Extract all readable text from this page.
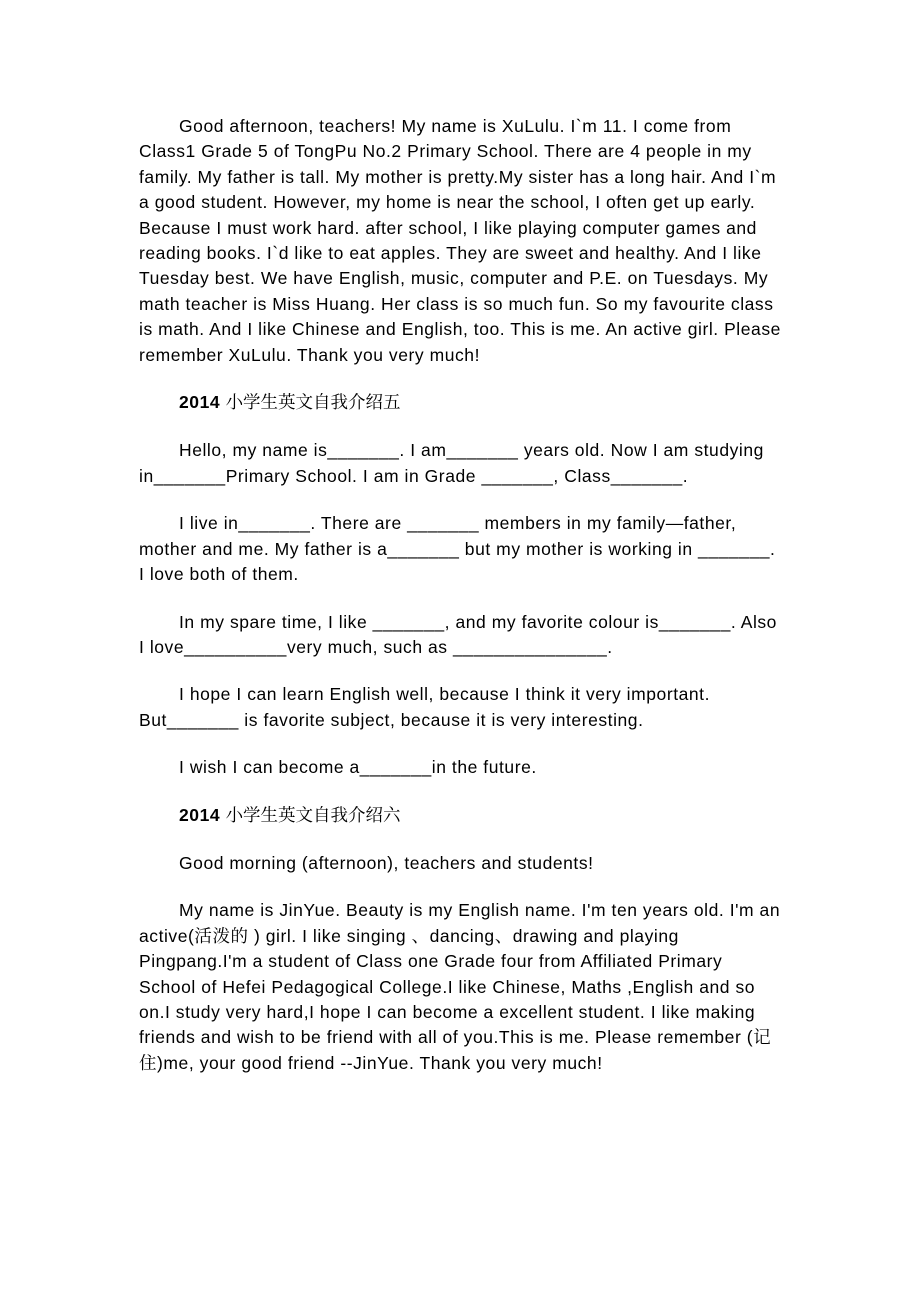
Good afternoon, teachers! My name is XuLulu. I`m 11. I come from Class1 Grade 5 of TongPu No.2 Primary School. There are 4 people in my family. My father is tall. My mother is pretty.My sister has a long hair. And I`m a good student. However, my home is near the school, I often get up early. Because I must work hard. after school, I like playing computer games and reading books. I`d like to eat apples. They are sweet and healthy. And I like Tuesday best. We have English, music, computer and P.E. on Tuesdays. My math teacher is Miss Huang. Her class is so much fun. So my favourite class is math. And I like Chinese and English, too. This is me. An active girl. Please remember XuLulu. Thank you very much!

2014 小学生英文自我介绍五

Hello, my name is_______. I am_______ years old. Now I am studying in_______Primary School. I am in Grade _______, Class_______.

I live in_______. There are _______ members in my family—father, mother and me. My father is a_______ but my mother is working in _______. I love both of them.

In my spare time, I like _______, and my favorite colour is_______. Also I love__________very much, such as _______________.

I hope I can learn English well, because I think it very important. But_______ is favorite subject, because it is very interesting.

I wish I can become a_______in the future.

2014 小学生英文自我介绍六

Good morning (afternoon), teachers and students!

My name is JinYue. Beauty is my English name. I'm ten years old. I'm an active(活泼的 ) girl. I like singing 、dancing、drawing and playing Pingpang.I'm a student of Class one Grade four from Affiliated Primary School of Hefei Pedagogical College.I like Chinese, Maths ,English and so on.I study very hard,I hope I can become a excellent student. I like making friends and wish to be friend with all of you.This is me. Please remember (记住)me, your good friend --JinYue. Thank you very much!
